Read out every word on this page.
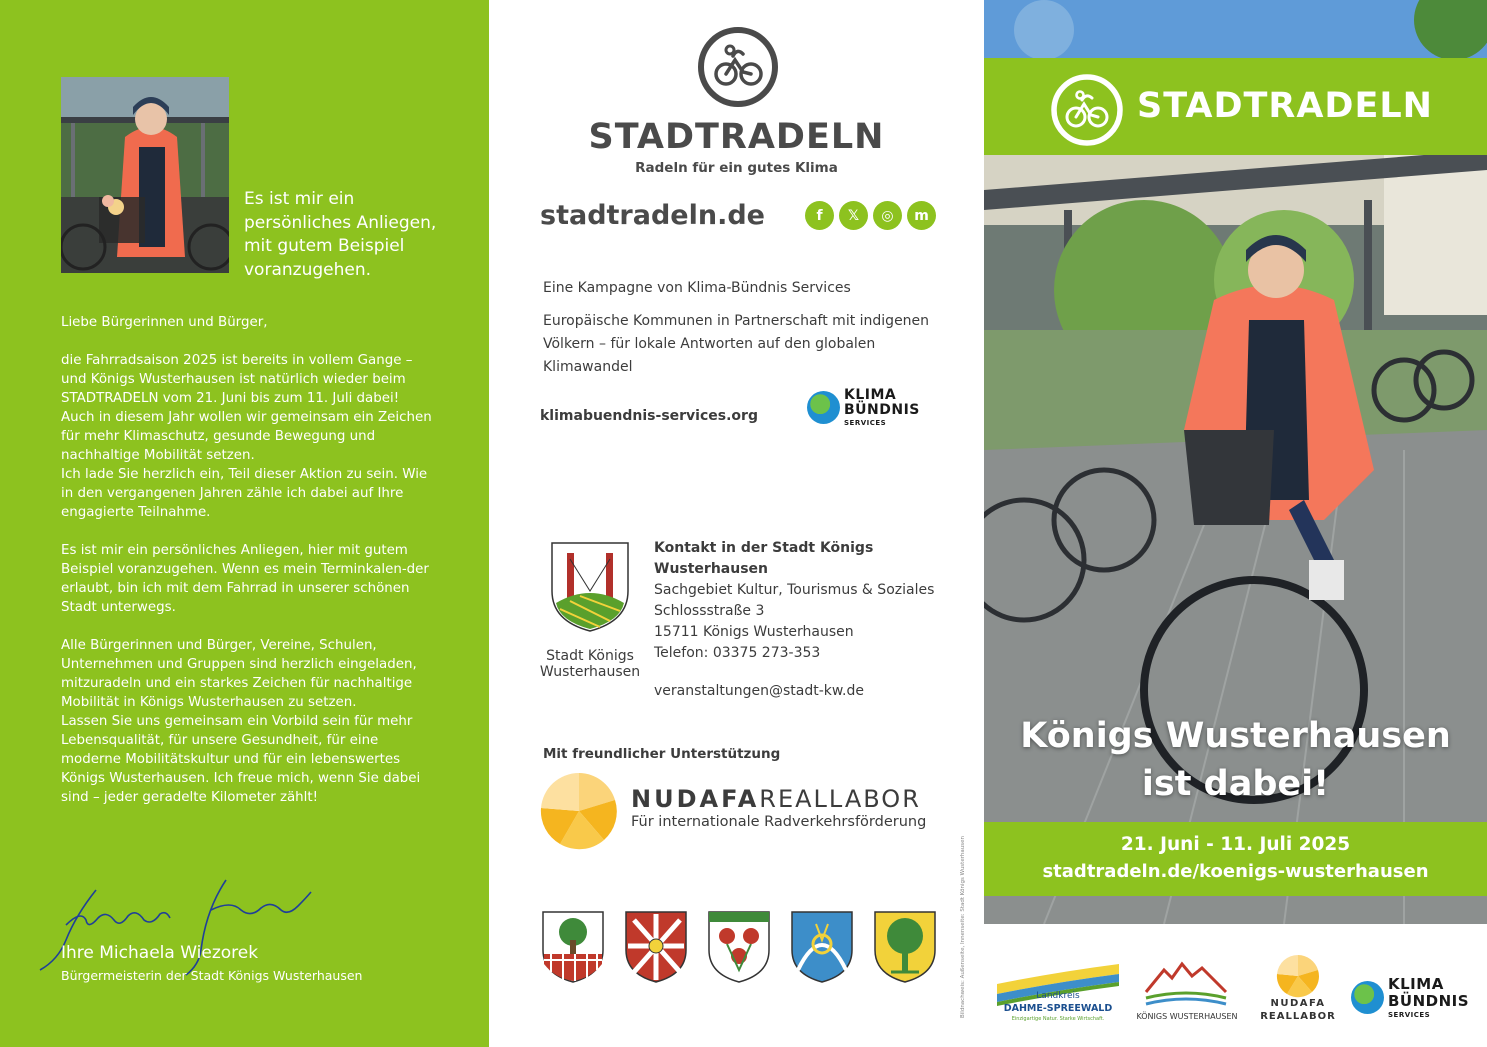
Es ist mir ein persönliches Anliegen, mit gutem Beispiel voranzugehen.

Liebe Bürgerinnen und Bürger,

die Fahrradsaison 2025 ist bereits in vollem Gange – und Königs Wusterhausen ist natürlich wieder beim STADTRADELN vom 21. Juni bis zum 11. Juli dabei! Auch in diesem Jahr wollen wir gemeinsam ein Zeichen für mehr Klimaschutz, gesunde Bewegung und nachhaltige Mobilität setzen.

Ich lade Sie herzlich ein, Teil dieser Aktion zu sein. Wie in den vergangenen Jahren zähle ich dabei auf Ihre engagierte Teilnahme.

Es ist mir ein persönliches Anliegen, hier mit gutem Beispiel voranzugehen. Wenn es mein Terminkalen-der erlaubt, bin ich mit dem Fahrrad in unserer schönen Stadt unterwegs.

Alle Bürgerinnen und Bürger, Vereine, Schulen, Unternehmen und Gruppen sind herzlich eingeladen, mitzuradeln und ein starkes Zeichen für nachhaltige Mobilität in Königs Wusterhausen zu setzen.

Lassen Sie uns gemeinsam ein Vorbild sein für mehr Lebensqualität, für unsere Gesundheit, für eine moderne Mobilitätskultur und für ein lebenswertes Königs Wusterhausen. Ich freue mich, wenn Sie dabei sind – jeder geradelte Kilometer zählt!

Ihre Michaela Wiezorek
Bürgermeisterin der Stadt Königs Wusterhausen
STADTRADELN
Radeln für ein gutes Klima
stadtradeln.de	f	𝕏	◎	m
Eine Kampagne von Klima-Bündnis Services
Europäische Kommunen in Partnerschaft mit indigenen Völkern – für lokale Antworten auf den globalen Klimawandel
klimabuendnis-services.org
KLIMA
BÜNDNIS
SERVICES
Stadt Königs Wusterhausen
Kontakt in der Stadt Königs Wusterhausen
Sachgebiet Kultur, Tourismus & Soziales
Schlossstraße 3
15711 Königs Wusterhausen
Telefon: 03375 273-353
veranstaltungen@stadt-kw.de
Mit freundlicher Unterstützung
NUDAFAREALLABOR
Für internationale Radverkehrsförderung
Bildnachweis: Außenseite, Innenseite: Stadt Königs Wusterhausen
STADTRADELN
Königs Wusterhausen
ist dabei!
21. Juni - 11. Juli 2025
stadtradeln.de/koenigs-wusterhausen
Landkreis
DAHME-SPREEWALD
Einzigartige Natur. Starke Wirtschaft.	KÖNIGS WUSTERHAUSEN
NUDAFA
REALLABOR
KLIMA
BÜNDNIS
SERVICES
